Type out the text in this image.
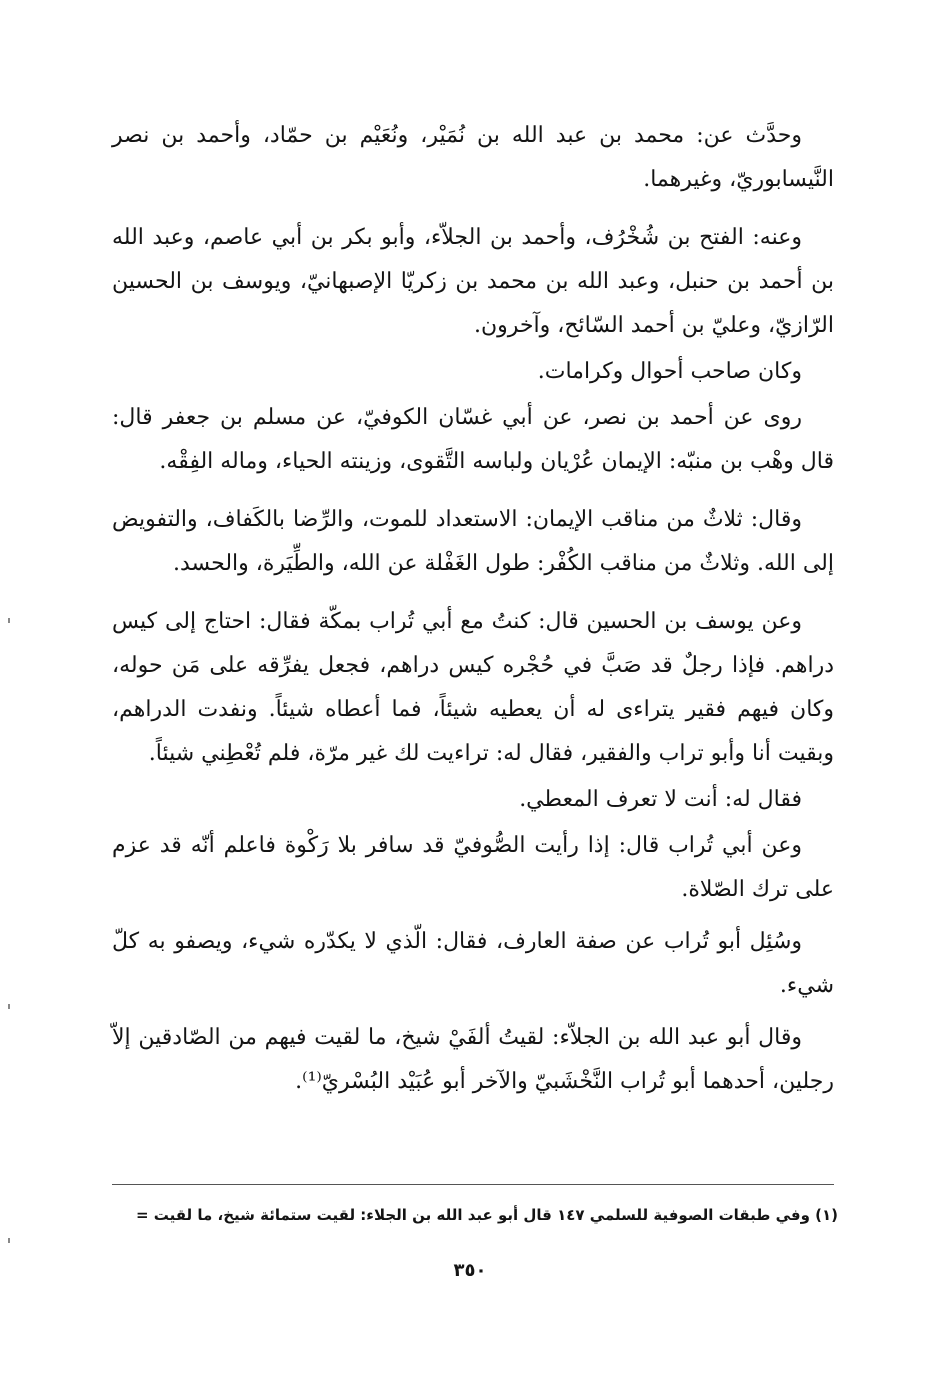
وحدَّث عن: محمد بن عبد الله بن نُمَيْر، ونُعَيْم بن حمّاد، وأحمد بن نصر النَّيسابوريّ، وغيرهما.

وعنه: الفتح بن شُخْرُف، وأحمد بن الجلاّء، وأبو بكر بن أبي عاصم، وعبد الله بن أحمد بن حنبل، وعبد الله بن محمد بن زكريّا الإصبهانيّ، ويوسف بن الحسين الرّازيّ، وعليّ بن أحمد السّائح، وآخرون.

وكان صاحب أحوال وكرامات.

روى عن أحمد بن نصر، عن أبي غسّان الكوفيّ، عن مسلم بن جعفر قال: قال وهْب بن منبّه: الإيمان عُرْيان ولباسه التَّقوى، وزينته الحياء، وماله الفِقْه.

وقال: ثلاثٌ من مناقب الإيمان: الاستعداد للموت، والرِّضا بالكَفاف، والتفويض إلى الله. وثلاثٌ من مناقب الكُفْر: طول الغَفْلة عن الله، والطِّيَرة، والحسد.

وعن يوسف بن الحسين قال: كنتُ مع أبي تُراب بمكّة فقال: احتاج إلى كيس دراهم. فإذا رجلٌ قد صَبَّ في حُجْره كيس دراهم، فجعل يفرِّقه على مَن حوله، وكان فيهم فقير يتراءى له أن يعطيه شيئاً، فما أعطاه شيئاً. ونفدت الدراهم، وبقيت أنا وأبو تراب والفقير، فقال له: تراءيت لك غير مرّة، فلم تُعْطِني شيئاً.

فقال له: أنت لا تعرف المعطي.

وعن أبي تُراب قال: إذا رأيت الصُّوفيّ قد سافر بلا رَكْوة فاعلم أنّه قد عزم على ترك الصّلاة.

وسُئِل أبو تُراب عن صفة العارف، فقال: الّذي لا يكدّره شيء، ويصفو به كلّ شيء.

وقال أبو عبد الله بن الجلاّء: لقيتُ ألفَيْ شيخ، ما لقيت فيهم من الصّادقين إلاّ رجلين، أحدهما أبو تُراب النَّخْشَبيّ والآخر أبو عُبَيْد البُسْريّ⁽¹⁾.

(١) وفي طبقات الصوفية للسلمي ١٤٧ قال أبو عبد الله بن الجلاء: لقيت ستمائة شيخ، ما لقيت =
٣٥٠
